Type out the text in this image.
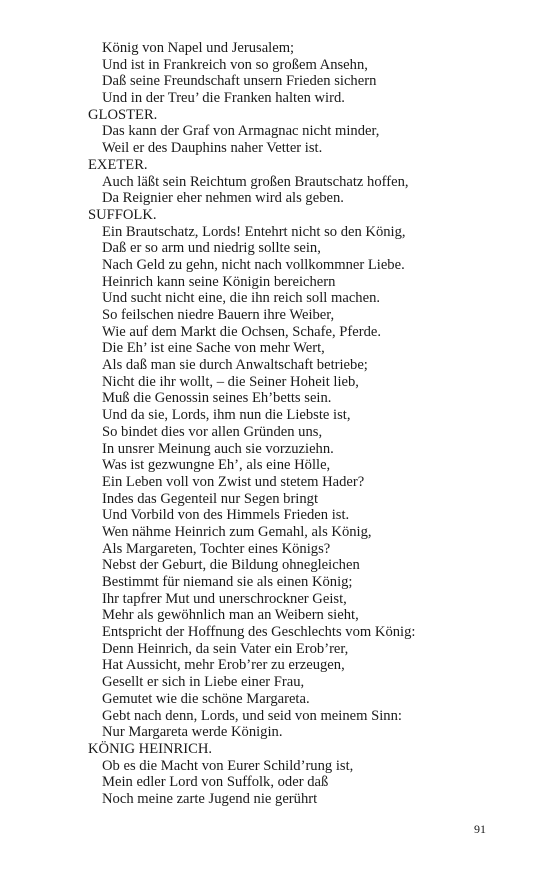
König von Napel und Jerusalem;
Und ist in Frankreich von so großem Ansehn,
Daß seine Freundschaft unsern Frieden sichern
Und in der Treu’ die Franken halten wird.
GLOSTER.
Das kann der Graf von Armagnac nicht minder,
Weil er des Dauphins naher Vetter ist.
EXETER.
Auch läßt sein Reichtum großen Brautschatz hoffen,
Da Reignier eher nehmen wird als geben.
SUFFOLK.
Ein Brautschatz, Lords! Entehrt nicht so den König,
Daß er so arm und niedrig sollte sein,
Nach Geld zu gehn, nicht nach vollkommner Liebe.
Heinrich kann seine Königin bereichern
Und sucht nicht eine, die ihn reich soll machen.
So feilschen niedre Bauern ihre Weiber,
Wie auf dem Markt die Ochsen, Schafe, Pferde.
Die Eh’ ist eine Sache von mehr Wert,
Als daß man sie durch Anwaltschaft betriebe;
Nicht die ihr wollt, – die Seiner Hoheit lieb,
Muß die Genossin seines Eh’betts sein.
Und da sie, Lords, ihm nun die Liebste ist,
So bindet dies vor allen Gründen uns,
In unsrer Meinung auch sie vorzuziehn.
Was ist gezwungne Eh’, als eine Hölle,
Ein Leben voll von Zwist und stetem Hader?
Indes das Gegenteil nur Segen bringt
Und Vorbild von des Himmels Frieden ist.
Wen nähme Heinrich zum Gemahl, als König,
Als Margareten, Tochter eines Königs?
Nebst der Geburt, die Bildung ohnegleichen
Bestimmt für niemand sie als einen König;
Ihr tapfrer Mut und unerschrockner Geist,
Mehr als gewöhnlich man an Weibern sieht,
Entspricht der Hoffnung des Geschlechts vom König:
Denn Heinrich, da sein Vater ein Erob’rer,
Hat Aussicht, mehr Erob’rer zu erzeugen,
Gesellt er sich in Liebe einer Frau,
Gemutet wie die schöne Margareta.
Gebt nach denn, Lords, und seid von meinem Sinn:
Nur Margareta werde Königin.
KÖNIG HEINRICH.
Ob es die Macht von Eurer Schild’rung ist,
Mein edler Lord von Suffolk, oder daß
Noch meine zarte Jugend nie gerührt
91
